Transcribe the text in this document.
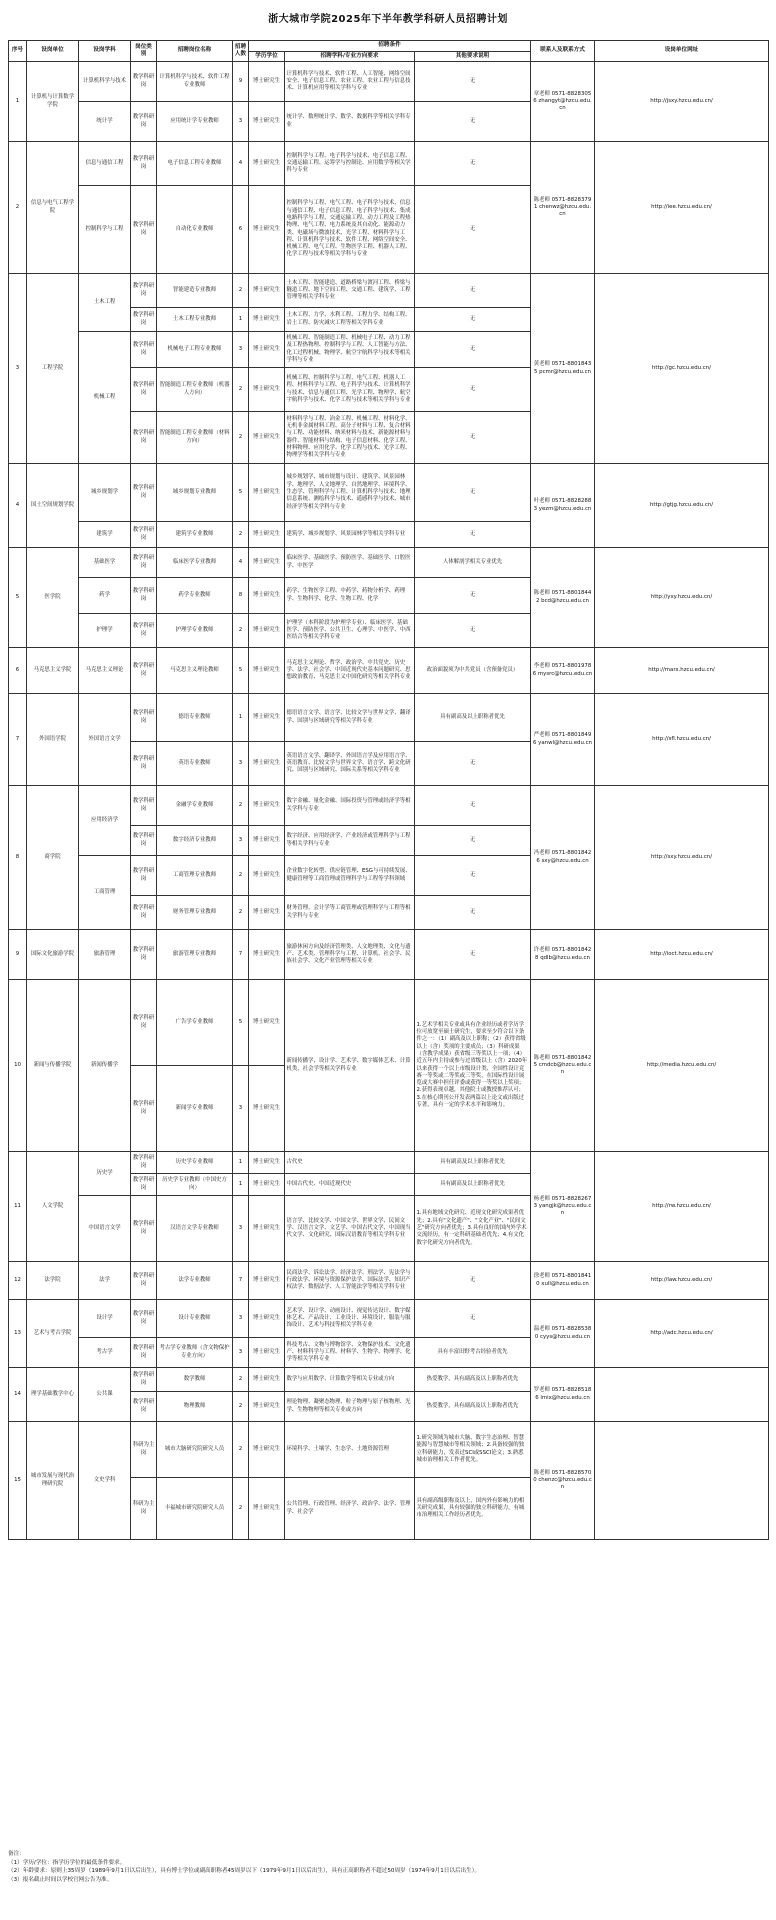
浙大城市学院2025年下半年教学科研人员招聘计划
序号	设岗单位	设岗学科	岗位类别	招聘岗位名称	招聘人数	招聘条件			联系人及联系方式	设岗单位网址
						学历学位	招聘学科/专业方向要求	其他要求说明		
1	计算机与计算数学学院	计算机科学与技术	教学科研岗	计算机科学与技术、软件工程专业教师	9	博士研究生	计算机科学与技术、软件工程、人工智能、网络空间安全、电子信息工程、农业工程、农业工程与信息技术、计算机应用等相关学科与专业	无	章老师 0571-88283056 zhangyt@hzcu.edu.cn	http://jsxy.hzcu.edu.cn/
		统计学	教学科研岗	应用统计学专业教师	3	博士研究生	统计学、数理统计学、数学、数据科学等相关学科专业	无		
2	信息与电气工程学院	信息与通信工程	教学科研岗	电子信息工程专业教师	4	博士研究生	控制科学与工程、电子科学与技术、电子信息工程、交通运输工程、运筹学与控制论、应用数学等相关学科与专业	无	陈老师 0571-88283791 chenwz@hzcu.edu.cn	http://iee.hzcu.edu.cn/
		控制科学与工程	教学科研岗	自动化专业教师	6	博士研究生	控制科学与工程、电气工程、电子科学与技术、信息与通信工程、电子信息工程、电子科学与技术、集成电路科学与工程、交通运输工程、动力工程及工程热物理、电气工程、电力系统及其自动化、能源动力类、电磁场与微波技术、光学工程、材料科学与工程、计算机科学与技术、软件工程、网络空间安全、机械工程、电气工程、生物医学工程、机器人工程、化学工程与技术等相关学科与专业	无		
3	工程学院	土木工程	教学科研岗	智能建造专业教师	2	博士研究生	土木工程、智能建造、道路桥梁与渡河工程、桥梁与隧道工程、地下空间工程、交通工程、建筑学、工程管理等相关学科专业	无	黄老师 0571-88018435 pcmr@hzcu.edu.cn	http://gc.hzcu.edu.cn/
			教学科研岗	土木工程专业教师	1	博士研究生	土木工程、力学、水利工程、工程力学、结构工程、岩土工程、防灾减灾工程等相关学科专业	无		
		机械工程	教学科研岗	机械电子工程专业教师	3	博士研究生	机械工程、智能制造工程、机械电子工程、动力工程及工程热物理、控制科学与工程、人工智能与方法、化工过程机械、物理学、航空宇航科学与技术等相关学科与专业	无		
			教学科研岗	智能制造工程专业教师（机器人方向）	2	博士研究生	机械工程、控制科学与工程、电气工程、机器人工程、材料科学与工程、电子科学与技术、计算机科学与技术、信息与通信工程、光学工程、物理学、航空宇航科学与技术、化学工程与技术等相关学科与专业	无		
			教学科研岗	智能制造工程专业教师（材料方向）	2	博士研究生	材料科学与工程、冶金工程、机械工程、材料化学、无机非金属材料工程、高分子材料与工程、复合材料与工程、功能材料、纳米材料与技术、新能源材料与器件、智能材料与结构、电子信息材料、化学工程、材料物理、应用化学、化学工程与技术、光学工程、物理学等相关学科与专业	无		
4	国土空间规划学院	城乡规划学	教学科研岗	城乡规划专业教师	5	博士研究生	城乡规划学、城市规划与设计、建筑学、风景园林学、地理学、人文地理学、自然地理学、环境科学、生态学、管理科学与工程、计算机科学与技术、地理信息系统、测绘科学与技术、遥感科学与技术、城市经济学等相关学科与专业	无	叶老师 0571-88282883 yezm@hzcu.edu.cn	http://gtjg.hzcu.edu.cn/
		建筑学	教学科研岗	建筑学专业教师	2	博士研究生	建筑学、城乡规划学、风景园林学等相关学科专业	无		
5	医学院	基础医学	教学科研岗	临床医学专业教师	4	博士研究生	临床医学、基础医学、预防医学、基础医学、口腔医学、中医学	人体解剖学相关专业优先	陈老师 0571-88018442 bcd@hzcu.edu.cn	http://yxy.hzcu.edu.cn/
		药学	教学科研岗	药学专业教师	8	博士研究生	药学、生物医学工程、中药学、药物分析学、药理学、生物科学、化学、生物工程、化学	无		
		护理学	教学科研岗	护理学专业教师	2	博士研究生	护理学（本科阶段为护理学专业）、临床医学、基础医学、预防医学、公共卫生、心理学、中医学、中西医结合等相关学科专业	无		
6	马克思主义学院	马克思主义理论	教学科研岗	马克思主义理论教师	5	博士研究生	马克思主义理论、哲学、政治学、中共党史、历史学、法学、社会学、中国近现代史基本问题研究、思想政治教育、马克思主义中国化研究等相关学科专业	政治面貌须为中共党员（含预备党员）	李老师 0571-88019786 mysrc@hzcu.edu.cn	http://marx.hzcu.edu.cn/
7	外国语学院	外国语言文学	教学科研岗	德语专业教师	1	博士研究生	德语语言文学、语言学、比较文学与世界文学、翻译学、国别与区域研究等相关学科专业	具有副高及以上职称者优先	严老师 0571-88018496 yanwl@hzcu.edu.cn	http://sfl.hzcu.edu.cn/
			教学科研岗	英语专业教师	3	博士研究生	英语语言文学、翻译学、外国语言学及应用语言学、英语教育、比较文学与世界文学、语言学、跨文化研究、国别与区域研究、国际关系等相关学科专业	无		
8	商学院	应用经济学	教学科研岗	金融学专业教师	2	博士研究生	数字金融、量化金融、国际投资与管理或经济学等相关学科与专业	无	冯老师 0571-88018426 sxy@hzcu.edu.cn	http://sxy.hzcu.edu.cn/
			教学科研岗	数字经济专业教师	3	博士研究生	数字经济、应用经济学、产业经济或管理科学与工程等相关学科与专业	无		
		工商管理	教学科研岗	工商管理专业教师	2	博士研究生	企业数字化转型、供应链管理、ESG与可持续发展、健康管理等工商管理或管理科学与工程等学科领域	无		
			教学科研岗	财务管理专业教师	2	博士研究生	财务管理、会计学等工商管理或管理科学与工程等相关学科与专业	无		
9	国际文化旅游学院	旅游管理	教学科研岗	旅游管理专业教师	7	博士研究生	旅游休闲方向及经济管理类、人文地理类、文化与遗产、艺术类、管理科学与工程、计算机、社会学、民族社会学、文化产业管理等相关专业	无	许老师 0571-88018428 qdlb@hzcu.edu.cn	http://ioct.hzcu.edu.cn/
10	新闻与传播学院	新闻传播学	教学科研岗	广告学专业教师	5	博士研究生	新闻传播学、设计学、艺术学、数字媒体艺术、计算机类、社会学等相关学科专业	1.艺术学相关专业或具有企业经历或者学历学位可放宽至硕士研究生，要求至少符合以下条件之一：（1）副高及以上职称；（2）获得省级以上（含）奖项的主要成员；（3）科研成果（含教学成果）获省级三等奖以上一项；（4）近五年内主持或参与过省级以上（含）2020年以来获得一个以上市级设计类、全国性设计竞赛一等奖或二等奖或三等奖，在国际性设计展览或大赛中担任评委或获得一等奖以上奖项；2.获得表现卓越，其他院士或教授推荐认可；3.在核心期刊公开发表两篇以上论文或出版过专著，具有一定的学术水平和影响力。	陈老师 0571-88018425 cmdcb@hzcu.edu.cn	http://media.hzcu.edu.cn/
			教学科研岗	新闻学专业教师	3	博士研究生				
11	人文学院	历史学	教学科研岗	历史学专业教师	1	博士研究生	古代史	具有副高及以上职称者优先	杨老师 0571-88282673 yangjk@hzcu.edu.cn	http://rw.hzcu.edu.cn/
			教学科研岗	历史学专业教师（中国史方向）	1	博士研究生	中国古代史、中国近现代史	具有副高及以上职称者优先		
		中国语言文学	教学科研岗	汉语言文学专业教师	3	博士研究生	语言学、比较文学、中国文学、世界文学、民间文学、汉语言文学、文艺学、中国古代文学、中国现当代文学、文化研究、国际汉语教育等相关学科专业	1.具有地域文化研究、近现文化研究成果者优先；2.具有"文化遗产"、"文化产业"、"民间文艺"研究方向者优先；3.具有良好的国内外学术交流经历，有一定科研基础者优先；4.有文化数字化研究方向者优先。		
12	法学院	法学	教学科研岗	法学专业教师	7	博士研究生	民商法学、诉讼法学、经济法学、刑法学、宪法学与行政法学、环境与资源保护法学、国际法学、知识产权法学、数据法学、人工智能法学等相关学科专业	无	徐老师 0571-88018410 xull@hzcu.edu.cn	http://law.hzcu.edu.cn/
13	艺术与考古学院	设计学	教学科研岗	设计专业教师	3	博士研究生	艺术学、设计学、动画设计、视觉传达设计、数字媒体艺术、产品设计、工业设计、环境设计、服装与服饰设计、艺术与科技等相关学科专业	无	温老师 0571-88285380 cyys@hzcu.edu.cn	http://adc.hzcu.edu.cn/
		考古学	教学科研岗	考古学专业教师（含文物保护专业方向）	3	博士研究生	科技考古、文物与博物馆学、文物保护技术、文化遗产、材料科学与工程、材料学、生物学、物理学、化学等相关学科专业	具有丰富田野考古经验者优先		
14	理学基础教学中心	公共课	教学科研岗	数学教师	2	博士研究生	数学与应用数学、计算数学等相关专业或方向	热爱教学，具有副高及以上职称者优先	罗老师 0571-88285186 lmix@hzcu.edu.cn	
			教学科研岗	物理教师	2	博士研究生	理论物理、凝聚态物理、粒子物理与原子核物理、光学、生物物理等相关专业或方向	热爱教学，具有副高及以上职称者优先		
15	城市发展与现代治理研究院	文史学科	科研为主岗	城市大脑研究院研究人员	2	博士研究生	环境科学、土壤学、生态学、土地资源管理	1.研究领域为城市大脑、数字生态治理、智慧能源与智慧城市等相关领域；2.具备较强的独立科研能力，发表过SCI或SSCI论文；3.熟悉城市治理相关工作者优先。	陈老师 0571-88285700 chenzc@hzcu.edu.cn	
			科研为主岗	丰福城市研究院研究人员	2	博士研究生	公共管理、行政管理、经济学、政治学、法学、管理学、社会学	具有副高级职称及以上，国内外有影响力的相关研究成果，具有较强的独立科研能力，有城市治理相关工作经历者优先。		
备注：
（1）学历/学位：指学历学位的最低条件要求。
（2）年龄要求：原则上35周岁（1989年9月1日以后出生），具有博士学位或副高职称者45周岁以下（1979年9月1日以后出生），具有正高职称者不超过50周岁（1974年9月1日以后出生）。
（3）报名截止时间以学校官网公告为准。
